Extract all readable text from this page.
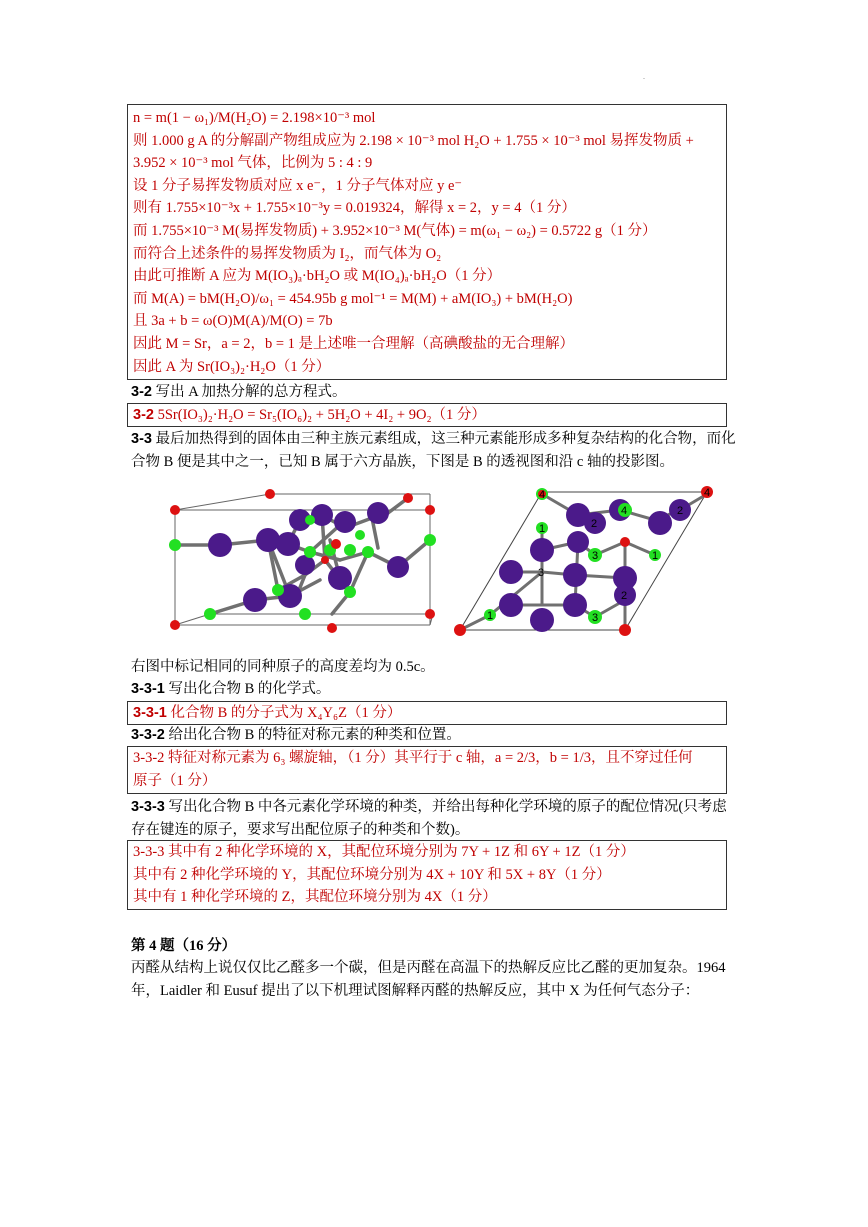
.
n = m(1 − ω₁)/M(H₂O) = 2.198×10⁻³ mol
则 1.000 g A 的分解副产物组成应为 2.198 × 10⁻³ mol H₂O + 1.755 × 10⁻³ mol 易挥发物质 +
3.952 × 10⁻³ mol 气体，比例为 5 : 4 : 9
设 1 分子易挥发物质对应 x e⁻，1 分子气体对应 y e⁻
则有 1.755×10⁻³x + 1.755×10⁻³y = 0.019324，解得 x = 2，y = 4（1 分）
而 1.755×10⁻³ M(易挥发物质) + 3.952×10⁻³ M(气体) = m(ω₁ − ω₂) = 0.5722 g（1 分）
而符合上述条件的易挥发物质为 I₂，而气体为 O₂
由此可推断 A 应为 M(IO₃)ₐ·bH₂O 或 M(IO₄)ₐ·bH₂O（1 分）
而 M(A) = bM(H₂O)/ω₁ = 454.95b g mol⁻¹ = M(M) + aM(IO₃) + bM(H₂O)
且 3a + b = ω(O)M(A)/M(O) = 7b
因此 M = Sr，a = 2，b = 1 是上述唯一合理解（高碘酸盐的无合理解）
因此 A 为 Sr(IO₃)₂·H₂O（1 分）
3-2 写出 A 加热分解的总方程式。
3-2 5Sr(IO₃)₂·H₂O = Sr₅(IO₆)₂ + 5H₂O + 4I₂ + 9O₂（1 分）
3-3 最后加热得到的固体由三种主族元素组成，这三种元素能形成多种复杂结构的化合物，而化合物 B 便是其中之一，已知 B 属于六方晶族，下图是 B 的透视图和沿 c 轴的投影图。
4
4
1
1
3
3
1
2
2
2
3
4
右图中标记相同的同种原子的高度差均为 0.5c。
3-3-1 写出化合物 B 的化学式。
3-3-1 化合物 B 的分子式为 X₄Y₆Z（1 分）
3-3-2 给出化合物 B 的特征对称元素的种类和位置。
3-3-2 特征对称元素为 6₃ 螺旋轴，（1 分）其平行于 c 轴，a = 2/3，b = 1/3，且不穿过任何
原子（1 分）
3-3-3 写出化合物 B 中各元素化学环境的种类，并给出每种化学环境的原子的配位情况(只考虑存在键连的原子，要求写出配位原子的种类和个数)。
3-3-3 其中有 2 种化学环境的 X，其配位环境分别为 7Y + 1Z 和 6Y + 1Z（1 分）
其中有 2 种化学环境的 Y，其配位环境分别为 4X + 10Y 和 5X + 8Y（1 分）
其中有 1 种化学环境的 Z，其配位环境分别为 4X（1 分）
第 4 题（16 分）
丙醛从结构上说仅仅比乙醛多一个碳，但是丙醛在高温下的热解反应比乙醛的更加复杂。1964 年，Laidler 和 Eusuf 提出了以下机理试图解释丙醛的热解反应，其中 X 为任何气态分子：
